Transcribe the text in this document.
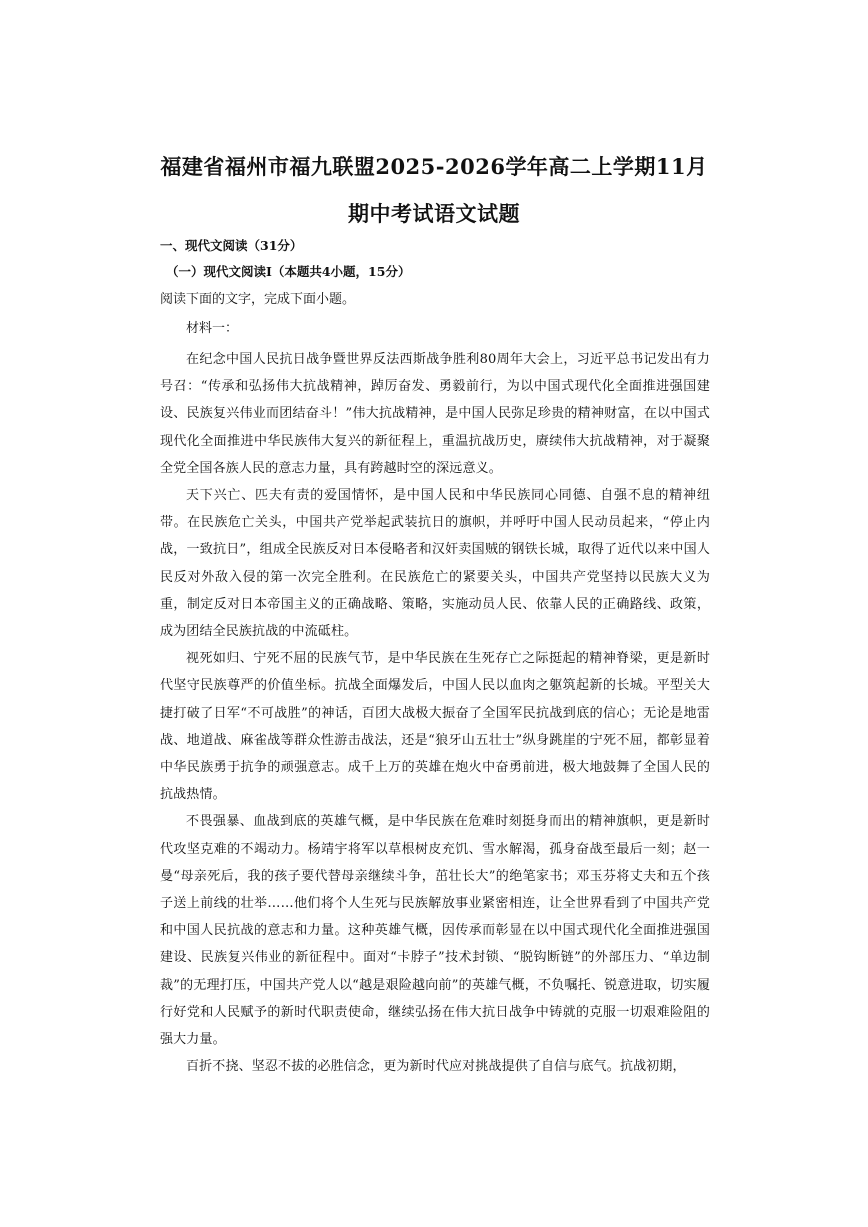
福建省福州市福九联盟2025-2026学年高二上学期11月
期中考试语文试题
一、现代文阅读（31分）
（一）现代文阅读Ⅰ（本题共4小题，15分）
阅读下面的文字，完成下面小题。
材料一：

在纪念中国人民抗日战争暨世界反法西斯战争胜利80周年大会上，习近平总书记发出有力号召：“传承和弘扬伟大抗战精神，踔厉奋发、勇毅前行，为以中国式现代化全面推进强国建设、民族复兴伟业而团结奋斗！”伟大抗战精神，是中国人民弥足珍贵的精神财富，在以中国式现代化全面推进中华民族伟大复兴的新征程上，重温抗战历史，赓续伟大抗战精神，对于凝聚全党全国各族人民的意志力量，具有跨越时空的深远意义。

天下兴亡、匹夫有责的爱国情怀，是中国人民和中华民族同心同德、自强不息的精神纽带。在民族危亡关头，中国共产党举起武装抗日的旗帜，并呼吁中国人民动员起来，“停止内战，一致抗日”，组成全民族反对日本侵略者和汉奸卖国贼的钢铁长城，取得了近代以来中国人民反对外敌入侵的第一次完全胜利。在民族危亡的紧要关头，中国共产党坚持以民族大义为重，制定反对日本帝国主义的正确战略、策略，实施动员人民、依靠人民的正确路线、政策，成为团结全民族抗战的中流砥柱。

视死如归、宁死不屈的民族气节，是中华民族在生死存亡之际挺起的精神脊梁，更是新时代坚守民族尊严的价值坐标。抗战全面爆发后，中国人民以血肉之躯筑起新的长城。平型关大捷打破了日军“不可战胜”的神话，百团大战极大振奋了全国军民抗战到底的信心；无论是地雷战、地道战、麻雀战等群众性游击战法，还是“狼牙山五壮士”纵身跳崖的宁死不屈，都彰显着中华民族勇于抗争的顽强意志。成千上万的英雄在炮火中奋勇前进，极大地鼓舞了全国人民的抗战热情。

不畏强暴、血战到底的英雄气概，是中华民族在危难时刻挺身而出的精神旗帜，更是新时代攻坚克难的不竭动力。杨靖宇将军以草根树皮充饥、雪水解渴，孤身奋战至最后一刻；赵一曼“母亲死后，我的孩子要代替母亲继续斗争，茁壮长大”的绝笔家书；邓玉芬将丈夫和五个孩子送上前线的壮举……他们将个人生死与民族解放事业紧密相连，让全世界看到了中国共产党和中国人民抗战的意志和力量。这种英雄气概，因传承而彰显在以中国式现代化全面推进强国建设、民族复兴伟业的新征程中。面对“卡脖子”技术封锁、“脱钩断链”的外部压力、“单边制裁”的无理打压，中国共产党人以“越是艰险越向前”的英雄气概，不负嘱托、锐意进取，切实履行好党和人民赋予的新时代职责使命，继续弘扬在伟大抗日战争中铸就的克服一切艰难险阻的强大力量。

百折不挠、坚忍不拔的必胜信念，更为新时代应对挑战提供了自信与底气。抗战初期，
